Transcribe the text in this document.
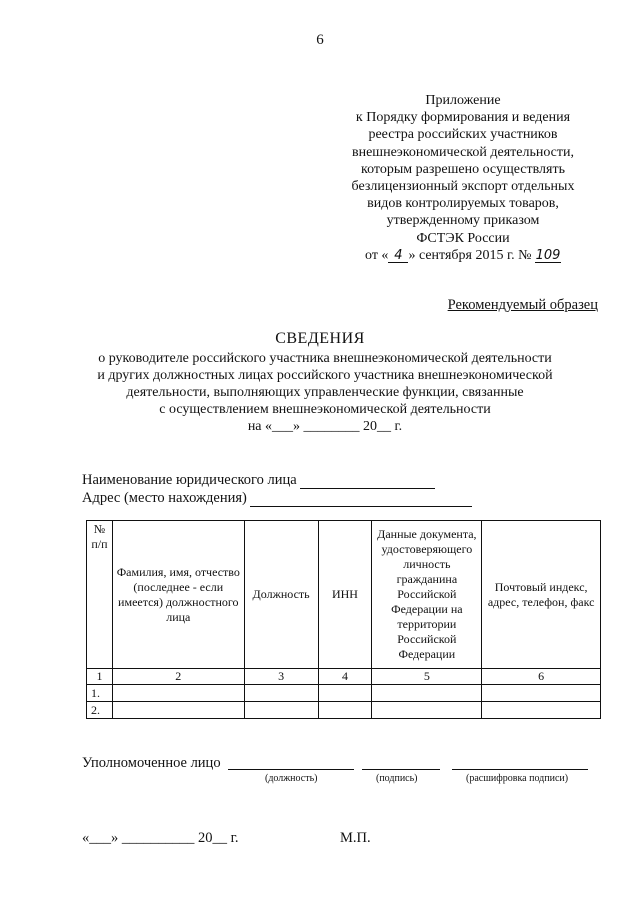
6
Приложение
к Порядку формирования и ведения
реестра российских участников
внешнеэкономической деятельности,
которым разрешено осуществлять
безлицензионный экспорт отдельных
видов контролируемых товаров,
утвержденному приказом
ФСТЭК России
от « 4 » сентября 2015 г. № 109
Рекомендуемый образец
СВЕДЕНИЯ
о руководителе российского участника внешнеэкономической деятельности
и других должностных лицах российского участника внешнеэкономической
деятельности, выполняющих управленческие функции, связанные
с осуществлением внешнеэкономической деятельности
на «___» ________ 20__ г.
Наименование юридического лица
Адрес (место нахождения)
№ п/п	Фамилия, имя, отчество (последнее - если имеется) должностного лица	Должность	ИНН	Данные документа, удостоверяющего личность гражданина Российской Федерации на территории Российской Федерации	Почтовый индекс, адрес, телефон, факс
1	2	3	4	5	6
1.					
2.					
Уполномоченное лицо
(должность)	(подпись)	(расшифровка подписи)
«___» __________ 20__ г.	М.П.
